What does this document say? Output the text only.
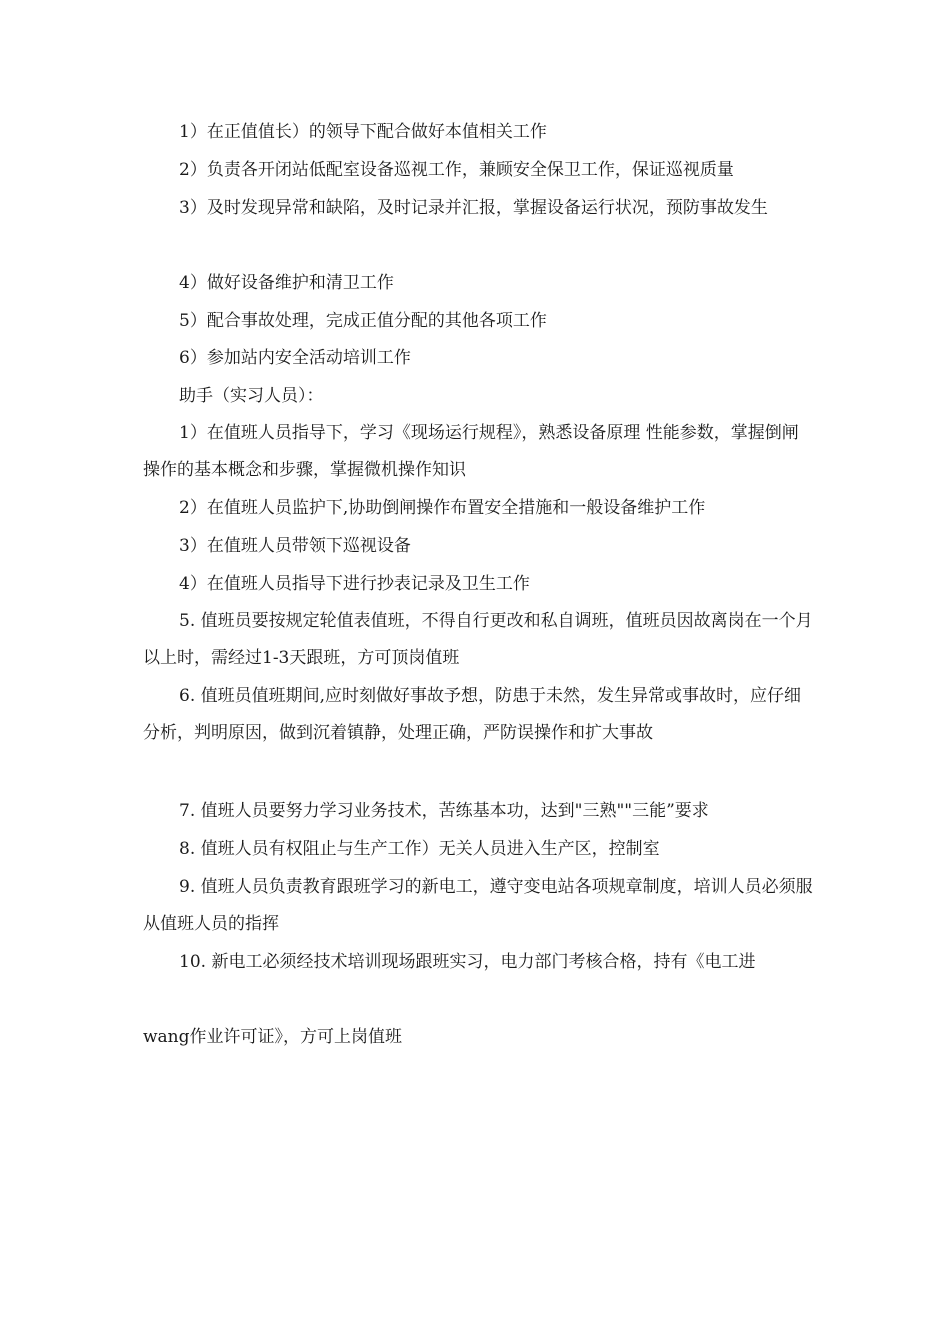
1）在正值值长）的领导下配合做好本值相关工作

2）负责各开闭站低配室设备巡视工作，兼顾安全保卫工作，保证巡视质量

3）及时发现异常和缺陷，及时记录并汇报，掌握设备运行状况，预防事故发生

4）做好设备维护和清卫工作

5）配合事故处理，完成正值分配的其他各项工作

6）参加站内安全活动培训工作

助手（实习人员）：

1）在值班人员指导下，学习《现场运行规程》，熟悉设备原理 性能参数，掌握倒闸操作的基本概念和步骤，掌握微机操作知识

2）在值班人员监护下,协助倒闸操作布置安全措施和一般设备维护工作

3）在值班人员带领下巡视设备

4）在值班人员指导下进行抄表记录及卫生工作

5. 值班员要按规定轮值表值班，不得自行更改和私自调班，值班员因故离岗在一个月以上时，需经过1-3天跟班，方可顶岗值班

6. 值班员值班期间,应时刻做好事故予想，防患于未然，发生异常或事故时，应仔细分析，判明原因，做到沉着镇静，处理正确，严防误操作和扩大事故

7. 值班人员要努力学习业务技术，苦练基本功，达到"三熟""三能”要求

8. 值班人员有权阻止与生产工作）无关人员进入生产区，控制室

9. 值班人员负责教育跟班学习的新电工，遵守变电站各项规章制度，培训人员必须服从值班人员的指挥

10. 新电工必须经技术培训现场跟班实习，电力部门考核合格，持有《电工进

wang作业许可证》，方可上岗值班
